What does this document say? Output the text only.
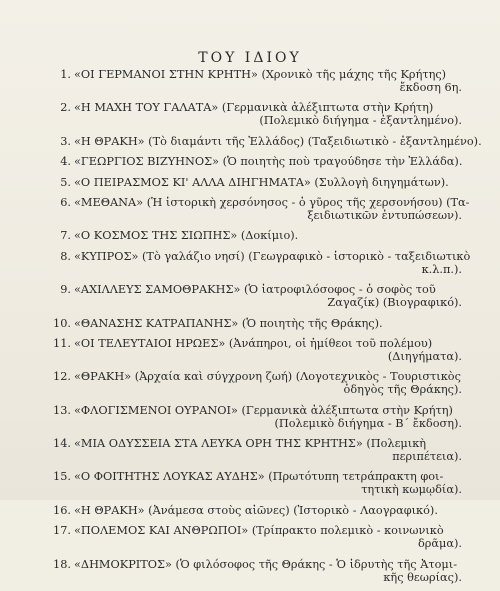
ΤΟΥ ΙΔΙΟΥ
1. «ΟΙ ΓΕΡΜΑΝΟΙ ΣΤΗΝ ΚΡΗΤΗ» (Χρονικὸ τῆς μάχης τῆς Κρήτης)
ἔκδοση 6η.
2. «Η ΜΑΧΗ ΤΟΥ ΓΑΛΑΤΑ» (Γερμανικὰ ἀλέξιπτωτα στὴν Κρήτη)
(Πολεμικὸ διήγημα - ἐξαντλημένο).
3. «Η ΘΡΑΚΗ» (Τὸ διαμάντι τῆς Ἑλλάδος) (Ταξειδιωτικὸ - ἐξαντλημένο).
4. «ΓΕΩΡΓΙΟΣ ΒΙΖΥΗΝΟΣ» (Ὁ ποιητὴς ποὺ τραγούδησε τὴν Ἑλλάδα).
5. «Ο ΠΕΙΡΑΣΜΟΣ ΚΙ' ΑΛΛΑ ΔΙΗΓΗΜΑΤΑ» (Συλλογὴ διηγημάτων).
6. «ΜΕΘΑΝΑ» (Ἡ ἱστορικὴ χερσόνησος - ὁ γῦρος τῆς χερσονήσου) (Τα-
ξειδιωτικῶν ἐντυπώσεων).
7. «Ο ΚΟΣΜΟΣ ΤΗΣ ΣΙΩΠΗΣ» (Δοκίμιο).
8. «ΚΥΠΡΟΣ» (Τὸ γαλάζιο νησί) (Γεωγραφικὸ - ἱστορικὸ - ταξειδιωτικὸ
κ.λ.π.).
9. «ΑΧΙΛΛΕΥΣ ΣΑΜΟΘΡΑΚΗΣ» (Ὁ ἰατροφιλόσοφος - ὁ σοφὸς τοῦ
Ζαγαζίκ) (Βιογραφικό).
10. «ΘΑΝΑΣΗΣ ΚΑΤΡΑΠΑΝΗΣ» (Ὁ ποιητὴς τῆς Θράκης).
11. «ΟΙ ΤΕΛΕΥΤΑΙΟΙ ΗΡΩΕΣ» (Ἀνάπηροι, οἱ ἡμίθεοι τοῦ πολέμου)
(Διηγήματα).
12. «ΘΡΑΚΗ» (Ἀρχαία καὶ σύγχρονη ζωή) (Λογοτεχνικὸς - Τουριστικὸς
ὁδηγὸς τῆς Θράκης).
13. «ΦΛΟΓΙΣΜΕΝΟΙ ΟΥΡΑΝΟΙ» (Γερμανικὰ ἀλέξιπτωτα στὴν Κρήτη)
(Πολεμικὸ διήγημα - Β΄ ἔκδοση).
14. «ΜΙΑ ΟΔΥΣΣΕΙΑ ΣΤΑ ΛΕΥΚΑ ΟΡΗ ΤΗΣ ΚΡΗΤΗΣ» (Πολεμικὴ
περιπέτεια).
15. «Ο ΦΟΙΤΗΤΗΣ ΛΟΥΚΑΣ ΑΥΔΗΣ» (Πρωτότυπη τετράπρακτη φοι-
τητικὴ κωμῳδία).
16. «Η ΘΡΑΚΗ» (Ἀνάμεσα στοὺς αἰῶνες) (Ἱστορικὸ - Λαογραφικό).
17. «ΠΟΛΕΜΟΣ ΚΑΙ ΑΝΘΡΩΠΟΙ» (Τρίπρακτο πολεμικὸ - κοινωνικὸ
δρᾶμα).
18. «ΔΗΜΟΚΡΙΤΟΣ» (Ὁ φιλόσοφος τῆς Θράκης - Ὁ ἱδρυτὴς τῆς Ἀτομι-
κῆς θεωρίας).
